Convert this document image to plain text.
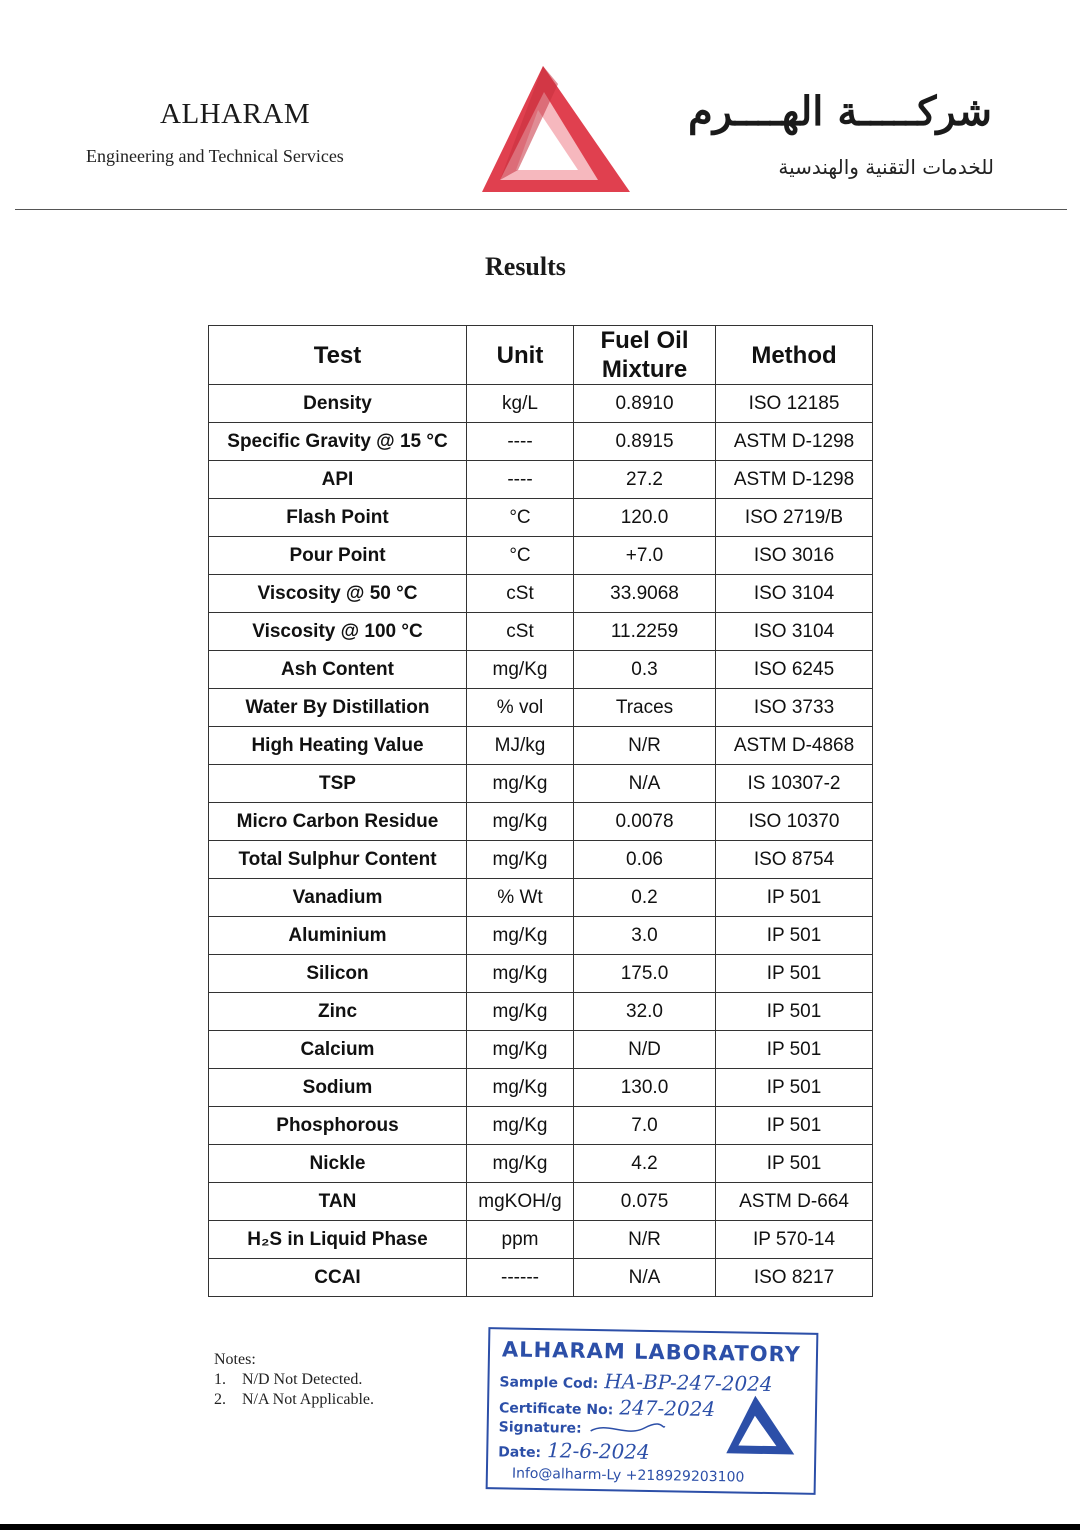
ALHARAM
Engineering and Technical Services
شركـــــة الهــــرم
للخدمات التقنية والهندسية
Results
Test	Unit	Fuel Oil Mixture	Method
Density	kg/L	0.8910	ISO 12185
Specific Gravity @ 15 °C	----	0.8915	ASTM D-1298
API	----	27.2	ASTM D-1298
Flash Point	°C	120.0	ISO 2719/B
Pour Point	°C	+7.0	ISO 3016
Viscosity @ 50 °C	cSt	33.9068	ISO 3104
Viscosity @ 100 °C	cSt	11.2259	ISO 3104
Ash Content	mg/Kg	0.3	ISO 6245
Water By Distillation	% vol	Traces	ISO 3733
High Heating Value	MJ/kg	N/R	ASTM D-4868
TSP	mg/Kg	N/A	IS 10307-2
Micro Carbon Residue	mg/Kg	0.0078	ISO 10370
Total Sulphur Content	mg/Kg	0.06	ISO 8754
Vanadium	% Wt	0.2	IP 501
Aluminium	mg/Kg	3.0	IP 501
Silicon	mg/Kg	175.0	IP 501
Zinc	mg/Kg	32.0	IP 501
Calcium	mg/Kg	N/D	IP 501
Sodium	mg/Kg	130.0	IP 501
Phosphorous	mg/Kg	7.0	IP 501
Nickle	mg/Kg	4.2	IP 501
TAN	mgKOH/g	0.075	ASTM D-664
H₂S in Liquid Phase	ppm	N/R	IP 570-14
CCAI	------	N/A	ISO 8217
Notes:
1. N/D Not Detected.
2. N/A Not Applicable.
ALHARAM LABORATORY
Sample Cod: HA-BP-247-2024
Certificate No: 247-2024
Signature:
Date: 12-6-2024
Info@alharm-Ly +218929203100
